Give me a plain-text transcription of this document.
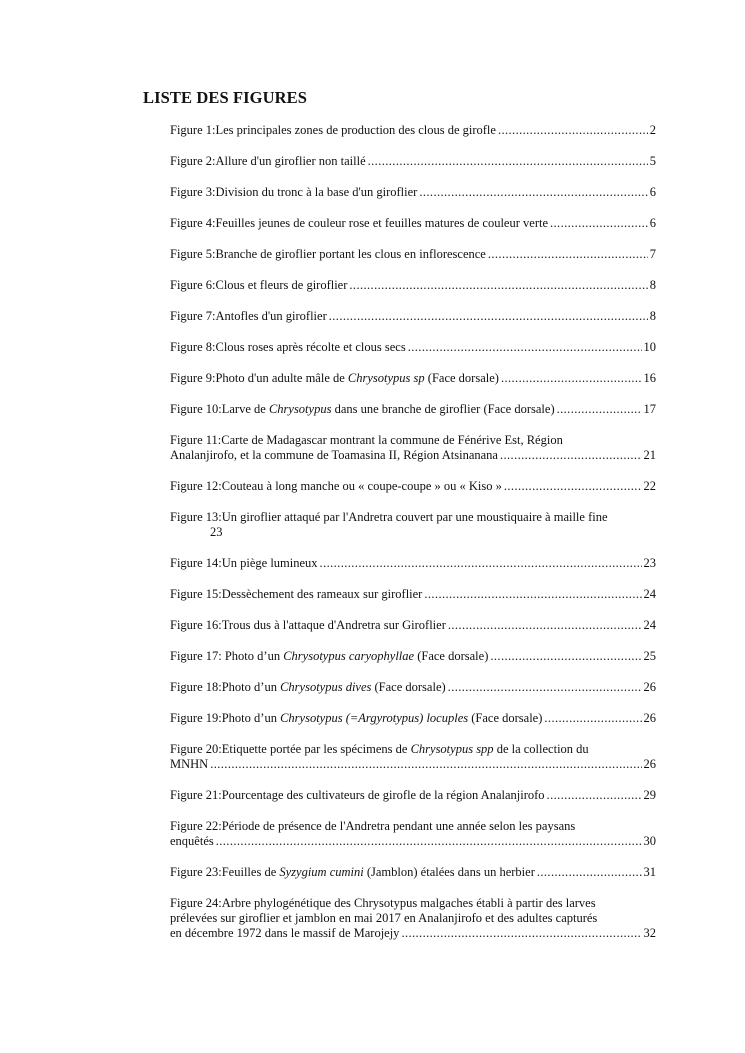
LISTE DES FIGURES
Figure 1:Les principales zones de production des clous de girofle .....	2
Figure 2:Allure d'un giroflier non taillé .....	5
Figure 3:Division du tronc à la base d'un giroflier .....	6
Figure 4:Feuilles jeunes de couleur rose et feuilles matures de couleur verte .....	6
Figure 5:Branche de giroflier portant les clous en inflorescence .....	7
Figure 6:Clous et fleurs de giroflier .....	8
Figure 7:Antofles d'un giroflier .....	8
Figure 8:Clous roses après récolte et clous secs .....	10
Figure 9:Photo d'un adulte mâle de Chrysotypus sp (Face dorsale) .....	16
Figure 10:Larve de Chrysotypus dans une branche de giroflier (Face dorsale) .....	17
Figure 11:Carte de Madagascar montrant la commune de Fénérive Est, Région
Analanjirofo, et la commune de Toamasina II, Région Atsinanana .....	21
Figure 12:Couteau à long manche ou « coupe-coupe » ou « Kiso » .....	22
Figure 13:Un giroflier attaqué par l'Andretra couvert par une moustiquaire à maille fine
23
Figure 14:Un piège lumineux .....	23
Figure 15:Dessèchement des rameaux sur giroflier .....	24
Figure 16:Trous dus à l'attaque d'Andretra sur Giroflier .....	24
Figure 17: Photo d’un Chrysotypus caryophyllae (Face dorsale) .....	25
Figure 18:Photo d’un Chrysotypus dives (Face dorsale) .....	26
Figure 19:Photo d’un Chrysotypus (=Argyrotypus) locuples (Face dorsale) .....	26
Figure 20:Etiquette portée par les spécimens de Chrysotypus spp de la collection du
MNHN .....	26
Figure 21:Pourcentage des cultivateurs de girofle de la région Analanjirofo .....	29
Figure 22:Période de présence de l'Andretra pendant une année selon les paysans
enquêtés .....	30
Figure 23:Feuilles de Syzygium cumini (Jamblon) étalées dans un herbier .....	31
Figure 24:Arbre phylogénétique des Chrysotypus malgaches établi à partir des larves
prélevées sur giroflier et jamblon en mai 2017 en Analanjirofo et des adultes capturés
en décembre 1972 dans le massif de Marojejy .....	32
